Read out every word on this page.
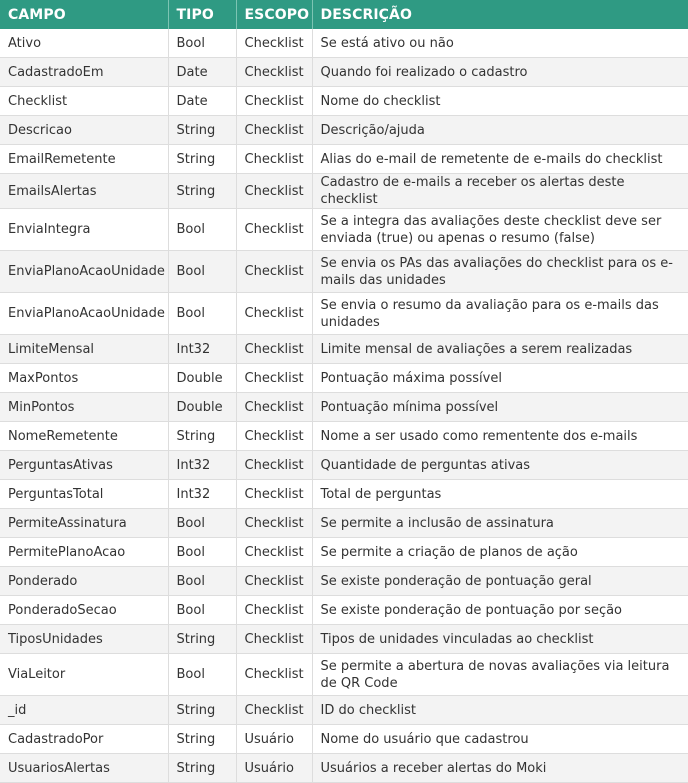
CAMPO	TIPO	ESCOPO	DESCRIÇÃO
Ativo	Bool	Checklist	Se está ativo ou não
CadastradoEm	Date	Checklist	Quando foi realizado o cadastro
Checklist	Date	Checklist	Nome do checklist
Descricao	String	Checklist	Descrição/ajuda
EmailRemetente	String	Checklist	Alias do e-mail de remetente de e-mails do checklist
EmailsAlertas	String	Checklist	Cadastro de e-mails a receber os alertas deste checklist
EnviaIntegra	Bool	Checklist	Se a integra das avaliações deste checklist deve ser enviada (true) ou apenas o resumo (false)
EnviaPlanoAcaoUnidade	Bool	Checklist	Se envia os PAs das avaliações do checklist para os e-mails das unidades
EnviaPlanoAcaoUnidade	Bool	Checklist	Se envia o resumo da avaliação para os e-mails das unidades
LimiteMensal	Int32	Checklist	Limite mensal de avaliações a serem realizadas
MaxPontos	Double	Checklist	Pontuação máxima possível
MinPontos	Double	Checklist	Pontuação mínima possível
NomeRemetente	String	Checklist	Nome a ser usado como rementente dos e-mails
PerguntasAtivas	Int32	Checklist	Quantidade de perguntas ativas
PerguntasTotal	Int32	Checklist	Total de perguntas
PermiteAssinatura	Bool	Checklist	Se permite a inclusão de assinatura
PermitePlanoAcao	Bool	Checklist	Se permite a criação de planos de ação
Ponderado	Bool	Checklist	Se existe ponderação de pontuação geral
PonderadoSecao	Bool	Checklist	Se existe ponderação de pontuação por seção
TiposUnidades	String	Checklist	Tipos de unidades vinculadas ao checklist
ViaLeitor	Bool	Checklist	Se permite a abertura de novas avaliações via leitura de QR Code
_id	String	Checklist	ID do checklist
CadastradoPor	String	Usuário	Nome do usuário que cadastrou
UsuariosAlertas	String	Usuário	Usuários a receber alertas do Moki
